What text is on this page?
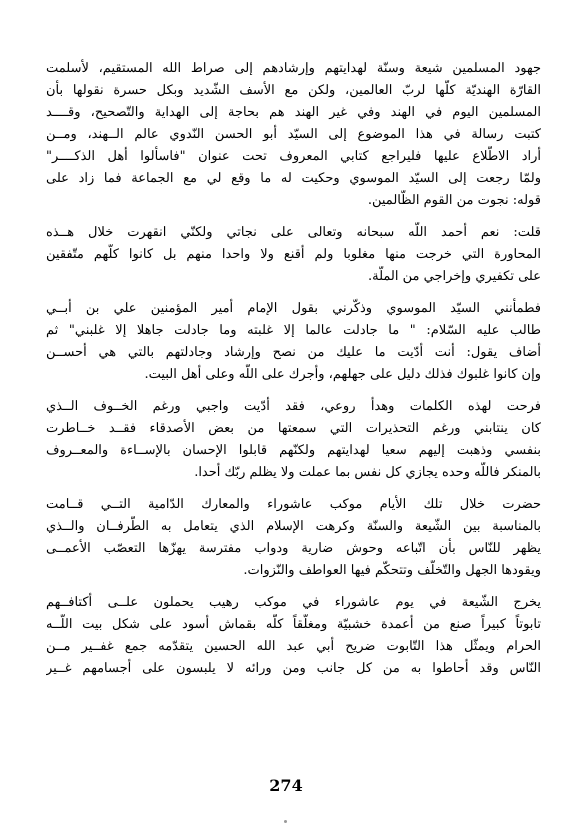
جهود المسلمين شيعة وسنّة لهدايتهم وإرشادهم إلى صراط الله المستقيم، لأسلمت
القارّة الهنديّة كلّها لربّ العالمين، ولكن مع الأسف الشّديد وبكل حسرة نقولها بأن
المسلمين اليوم في الهند وفي غير الهند هم بحاجة إلى الهداية والتّصحيح، وقــــد
كتبت رسالة في هذا الموضوع إلى السيّد أبو الحسن النّدوي عالم الــهند، ومــن
أراد الاطّلاع عليها فليراجع كتابي المعروف تحت عنوان "فاسألوا أهل الذكــــر"
ولمّا رجعت إلى السيّد الموسوي وحكيت له ما وقع لي مع الجماعة فما زاد على
قوله: نجوت من القوم الظّالمين.
قلت: نعم أحمد اللّه سبحانه وتعالى على نجاتي ولكنّي انقهرت خلال هــذه
المحاورة التي خرجت منها مغلوبا ولم أقنع ولا واحدا منهم بل كانوا كلّهم متّفقين
على تكفيري وإخراجي من الملّة.
فطمأنني السيّد الموسوي وذكّرني بقول الإمام أمير المؤمنين علي بن أبــي
طالب عليه السّلام: " ما جادلت عالما إلا غلبته وما جادلت جاهلا إلا غلبني" ثم
أضاف يقول: أنت أدّيت ما عليك من نصح وإرشاد وجادلتهم بالتي هي أحســن
وإن كانوا غلبوك فذلك دليل على جهلهم، وأجرك على اللّه وعلى أهل البيت.
فرحت لهذه الكلمات وهدأ روعي، فقد أدّيت واجبي ورغم الخــوف الــذي
كان ينتابني ورغم التحذيرات التي سمعتها من بعض الأصدقاء فقــد خــاطرت
بنفسي وذهبت إليهم سعيا لهدايتهم ولكنّهم قابلوا الإحسان بالإســاءة والمعــروف
بالمنكر فاللّه وحده يجازي كل نفس بما عملت ولا يظلم ربّك أحدا.
حضرت خلال تلك الأيام موكب عاشوراء والمعارك الدّامية التــي قــامت
بالمناسبة بين الشّيعة والسنّة وكرهت الإسلام الذي يتعامل به الطّرفــان والــذي
يظهر للنّاس بأن اتّباعه وحوش ضارية ودواب مفترسة يهزّها التعصّب الأعمــى
ويقودها الجهل والتّخلّف وتتحكّم فيها العواطف والنّزوات.
يخرج الشّيعة في يوم عاشوراء في موكب رهيب يحملون علــى أكتافــهم
تابوتاً كبيراً صنع من أعمدة خشبيّة ومغلّقاً كلّه بقماش أسود على شكل بيت اللّــه
الحرام ويمثّل هذا التّابوت ضريح أبي عبد الله الحسين يتقدّمه جمع غفــير مــن
النّاس وقد أحاطوا به من كل جانب ومن ورائه لا يلبسون على أجسامهم غــير
274
